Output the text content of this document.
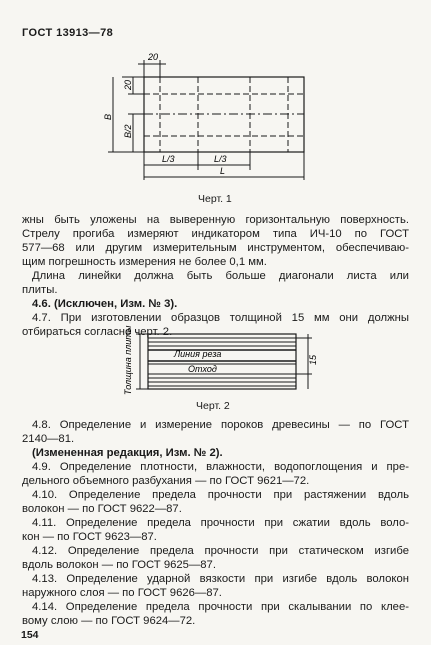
ГОСТ 13913—78
20
20
B
B/2
L/3	L/3
L
Черт. 1
жны быть уложены на выверенную горизонтальную поверхность.
Стрелу прогиба измеряют индикатором типа ИЧ-10 по ГОСТ
577—68 или другим измерительным инструментом, обеспечиваю-
щим погрешность измерения не более 0,1 мм.
Длина линейки должна быть больше диагонали листа или
плиты.
4.6. (Исключен, Изм. № 3).
4.7. При изготовлении образцов толщиной 15 мм они должны
отбираться согласно черт. 2.
Линия реза
Отход
15
Толщина плиты
Черт. 2
4.8. Определение и измерение пороков древесины — по ГОСТ
2140—81.
(Измененная редакция, Изм. № 2).
4.9. Определение плотности, влажности, водопоглощения и пре-
дельного объемного разбухания — по ГОСТ 9621—72.
4.10. Определение предела прочности при растяжении вдоль
волокон — по ГОСТ 9622—87.
4.11. Определение предела прочности при сжатии вдоль воло-
кон — по ГОСТ 9623—87.
4.12. Определение предела прочности при статическом изгибе
вдоль волокон — по ГОСТ 9625—87.
4.13. Определение ударной вязкости при изгибе вдоль волокон
наружного слоя — по ГОСТ 9626—87.
4.14. Определение предела прочности при скалывании по клее-
вому слою — по ГОСТ 9624—72.
154
